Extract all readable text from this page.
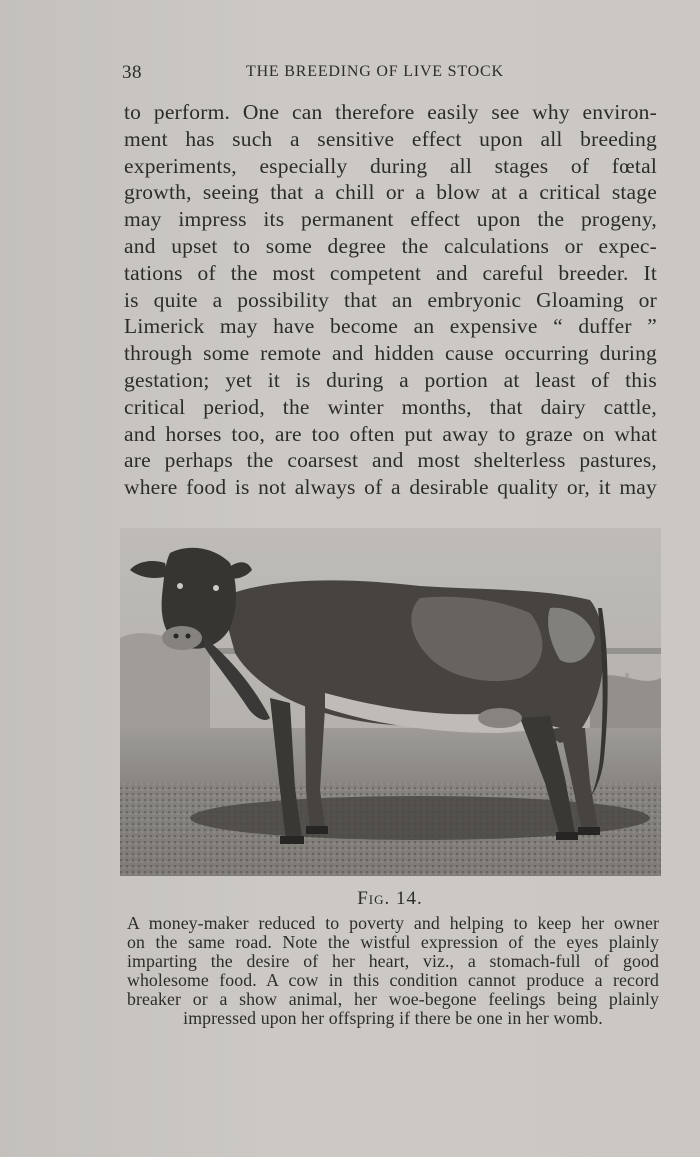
38	THE BREEDING OF LIVE STOCK
to perform. One can therefore easily see why environ-
ment has such a sensitive effect upon all breeding
experiments, especially during all stages of fœtal
growth, seeing that a chill or a blow at a critical stage
may impress its permanent effect upon the progeny,
and upset to some degree the calculations or expec-
tations of the most competent and careful breeder. It
is quite a possibility that an embryonic Gloaming or
Limerick may have become an expensive “ duffer ”
through some remote and hidden cause occurring during
gestation; yet it is during a portion at least of this
critical period, the winter months, that dairy cattle,
and horses too, are too often put away to graze on what
are perhaps the coarsest and most shelterless pastures,
where food is not always of a desirable quality or, it may
Fig. 14.
A money-maker reduced to poverty and helping to keep her owner
on the same road. Note the wistful expression of the eyes plainly
imparting the desire of her heart, viz., a stomach-full of good
wholesome food. A cow in this condition cannot produce a record
breaker or a show animal, her woe-begone feelings being plainly
impressed upon her offspring if there be one in her womb.
